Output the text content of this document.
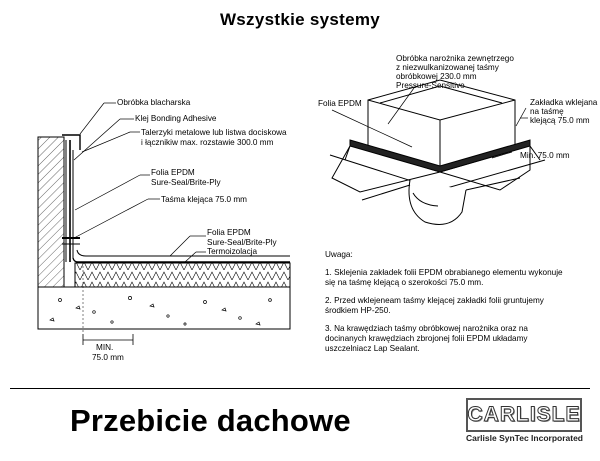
Wszystkie systemy
Obróbka blacharska
Klej Bonding Adhesive
Talerzyki metalowe lub listwa dociskowa
i łącznikiw max. rozstawie 300.0 mm
Folia EPDM
Sure-Seal/Brite-Ply
Taśma klejąca 75.0 mm
Folia EPDM
Sure-Seal/Brite-Ply
Termoizolacja
MIN.
75.0 mm
Obróbka narożnika zewnętrzego
z niezwulkanizowanej taśmy
obróbkowej 230.0 mm
Pressure-Sensitive
Folia EPDM	Zakładka wklejana
na taśmę
klejącą 75.0 mm
Min. 75.0 mm
Uwaga:
1. Sklejenia zakładek folii EPDM obrabianego elementu wykonuje
się na taśmę klejącą o szerokości 75.0 mm.
2. Przed wklejeneam taśmy klejącej zakładki folii gruntujemy
środkiem HP-250.
3. Na krawędziach taśmy obróbkowej narożnika oraz na
docinanych krawędziach zbrojonej folii EPDM układamy
uszczelniacz Lap Sealant.
Przebicie dachowe	CARLISLE
Carlisle SynTec Incorporated
